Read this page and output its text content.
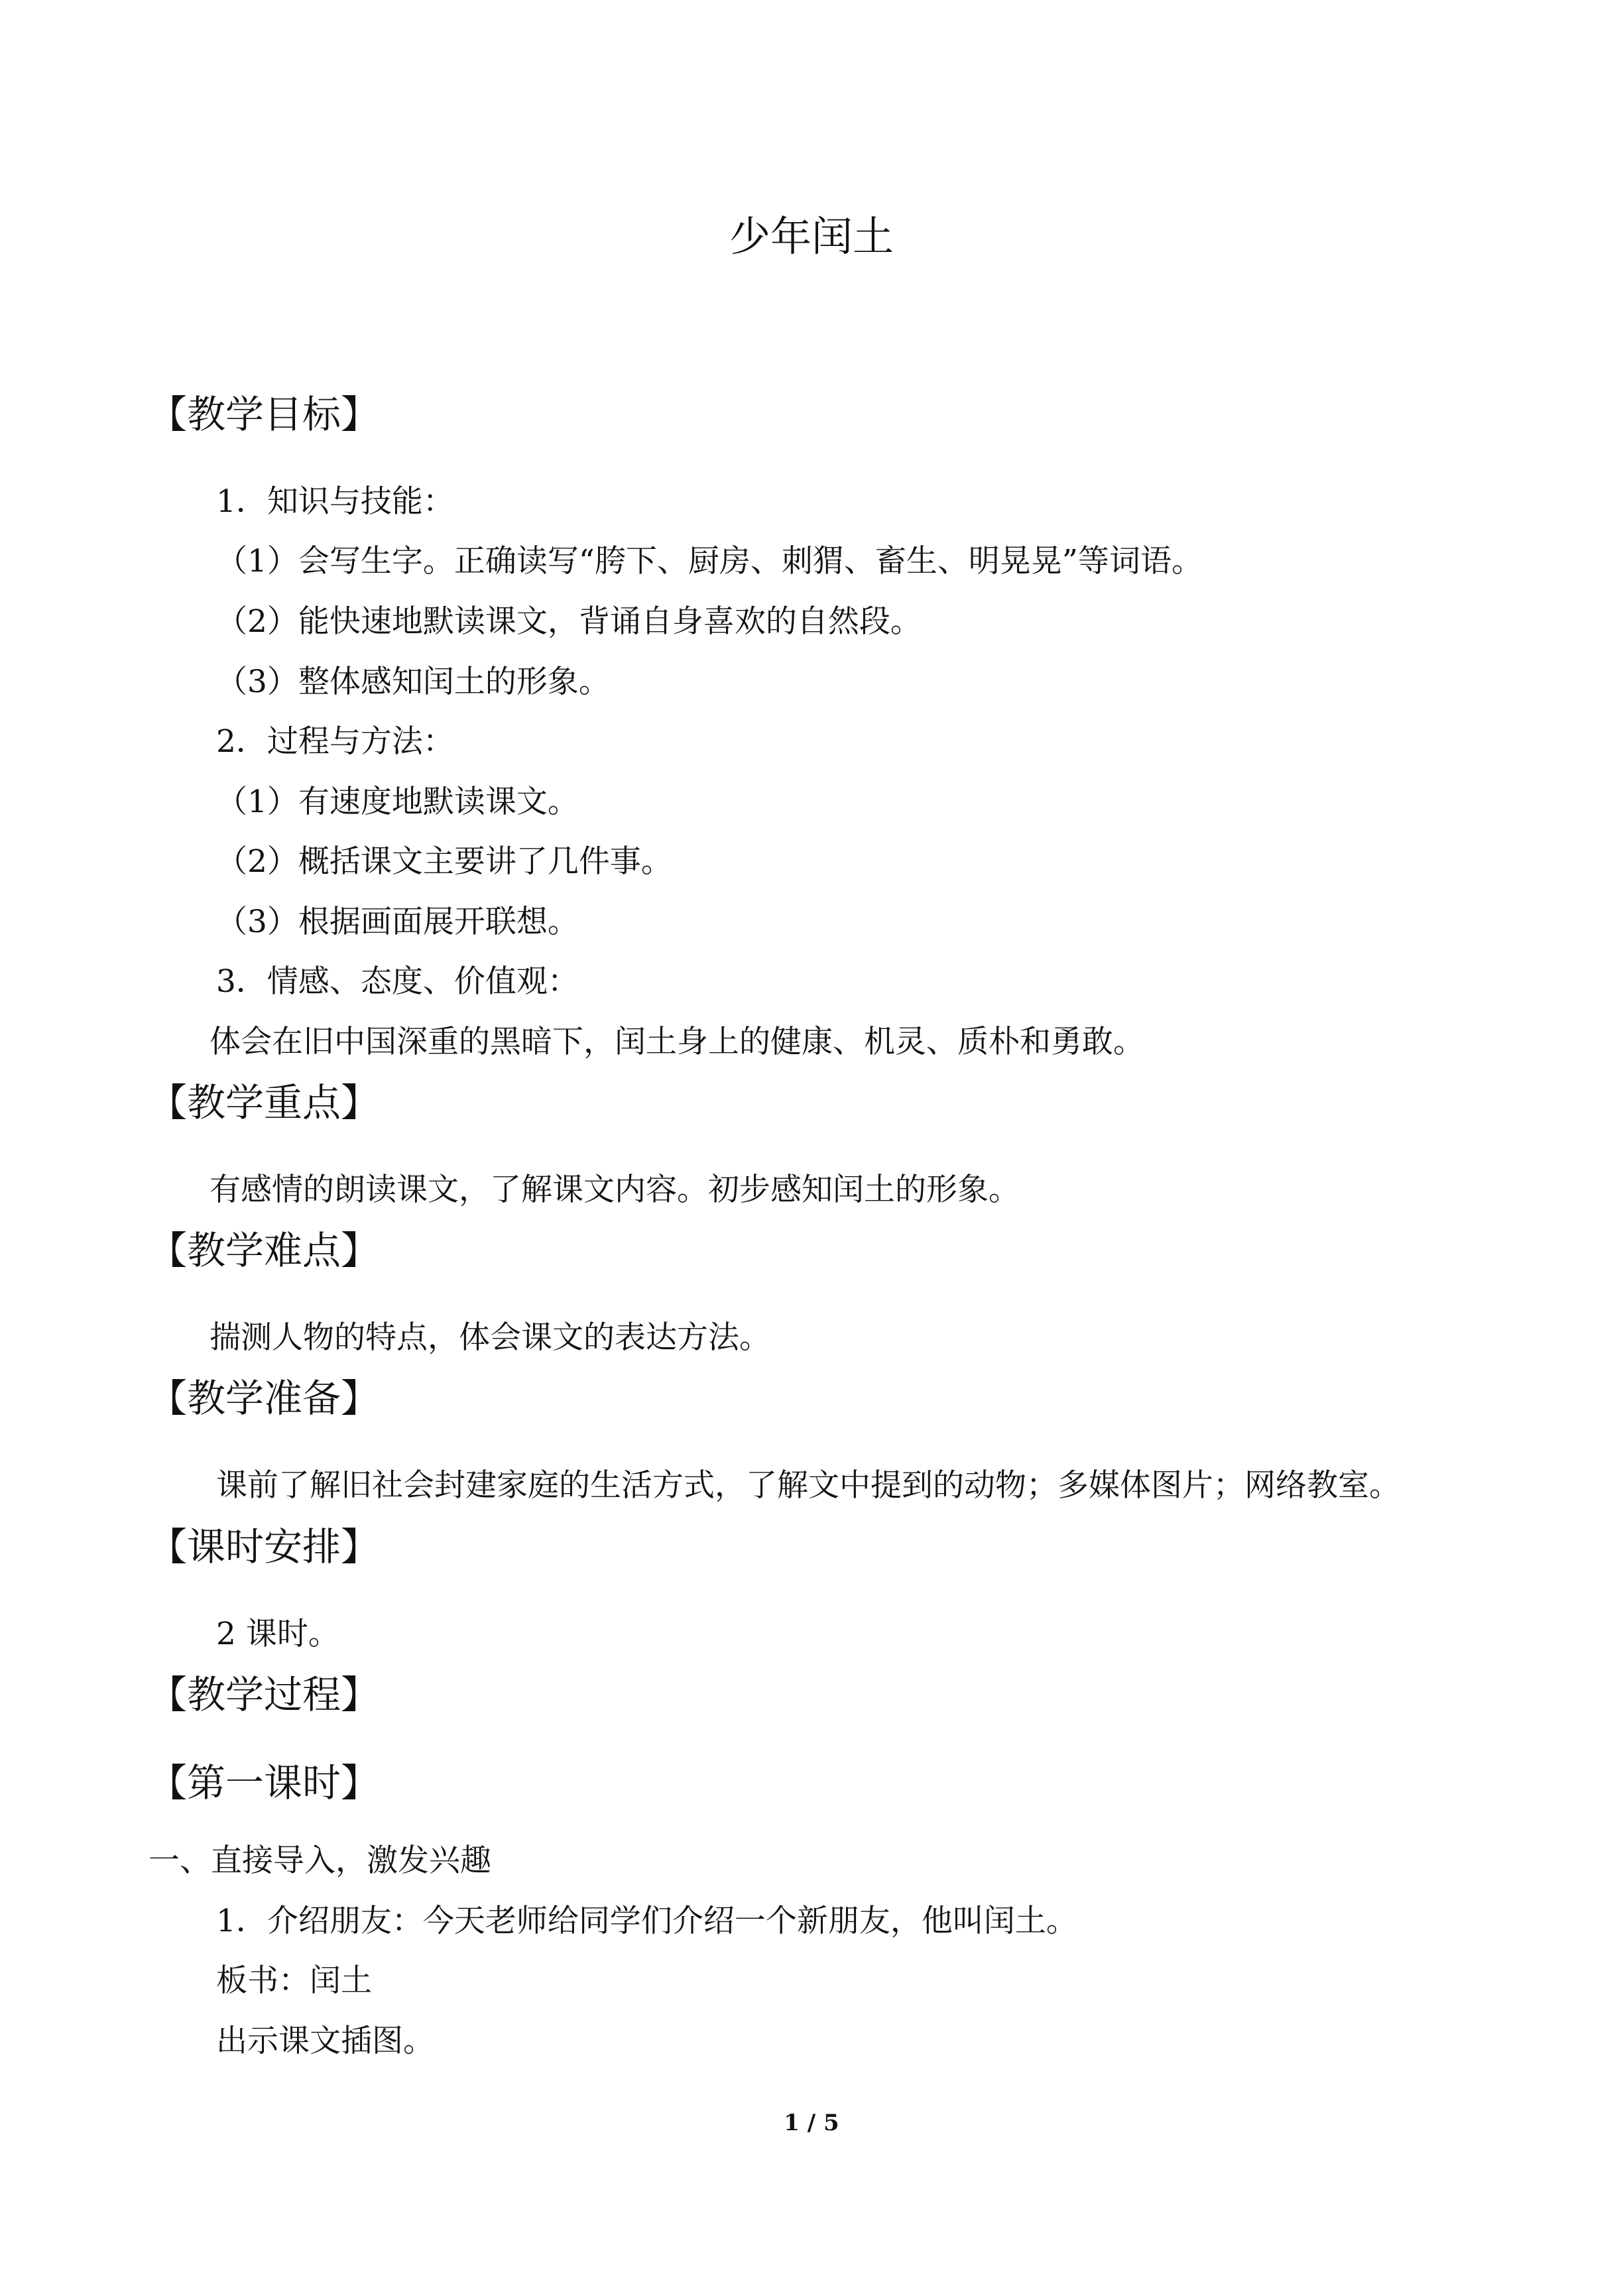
少年闰土
【教学目标】
1．知识与技能：
（1）会写生字。正确读写“胯下、厨房、刺猬、畜生、明晃晃”等词语。
（2）能快速地默读课文，背诵自身喜欢的自然段。
（3）整体感知闰土的形象。
2．过程与方法：
（1）有速度地默读课文。
（2）概括课文主要讲了几件事。
（3）根据画面展开联想。
3．情感、态度、价值观：
体会在旧中国深重的黑暗下，闰土身上的健康、机灵、质朴和勇敢。
【教学重点】
有感情的朗读课文，了解课文内容。初步感知闰土的形象。
【教学难点】
揣测人物的特点，体会课文的表达方法。
【教学准备】
课前了解旧社会封建家庭的生活方式，了解文中提到的动物；多媒体图片；网络教室。
【课时安排】
2 课时。
【教学过程】
【第一课时】
一、直接导入，激发兴趣
1．介绍朋友：今天老师给同学们介绍一个新朋友，他叫闰土。
板书：闰土
出示课文插图。
1 / 5
